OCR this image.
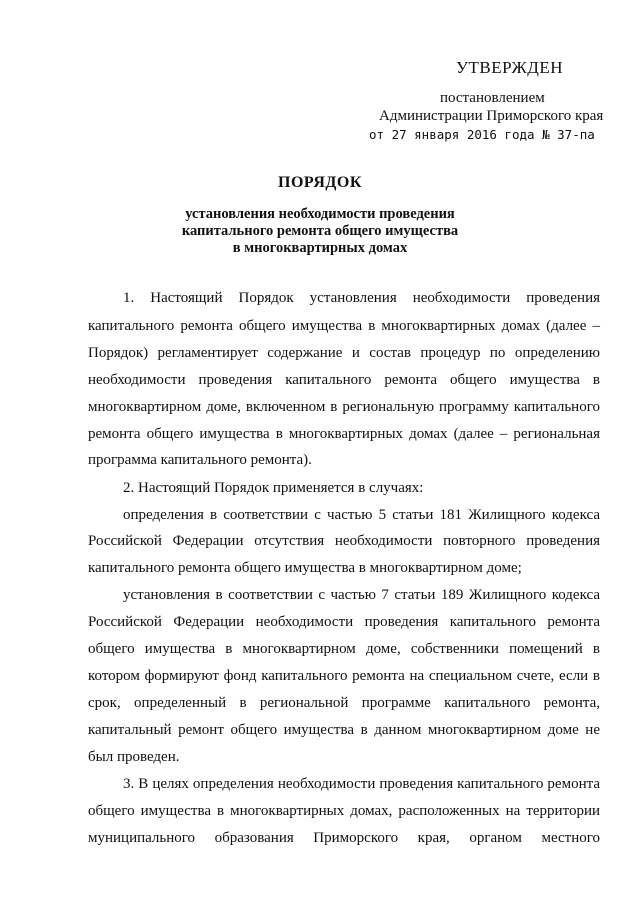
УТВЕРЖДЕН
постановлением
Администрации Приморского края
от 27 января 2016 года № 37-па
ПОРЯДОК
установления необходимости проведения
капитального ремонта общего имущества
в многоквартирных домах
1. Настоящий Порядок установления необходимости проведения
капитального ремонта общего имущества в многоквартирных домах (далее –
Порядок) регламентирует содержание и состав процедур по определению
необходимости проведения капитального ремонта общего имущества в
многоквартирном доме, включенном в региональную программу капитального
ремонта общего имущества в многоквартирных домах (далее – региональная
программа капитального ремонта).
2. Настоящий Порядок применяется в случаях:
определения в соответствии с частью 5 статьи 181 Жилищного кодекса
Российской Федерации отсутствия необходимости повторного проведения
капитального ремонта общего имущества в многоквартирном доме;
установления в соответствии с частью 7 статьи 189 Жилищного кодекса
Российской Федерации необходимости проведения капитального ремонта
общего имущества в многоквартирном доме, собственники помещений в
котором формируют фонд капитального ремонта на специальном счете, если в
срок, определенный в региональной программе капитального ремонта,
капитальный ремонт общего имущества в данном многоквартирном доме не
был проведен.
3. В целях определения необходимости проведения капитального ремонта
общего имущества в многоквартирных домах, расположенных на территории
муниципального образования Приморского края, органом местного
